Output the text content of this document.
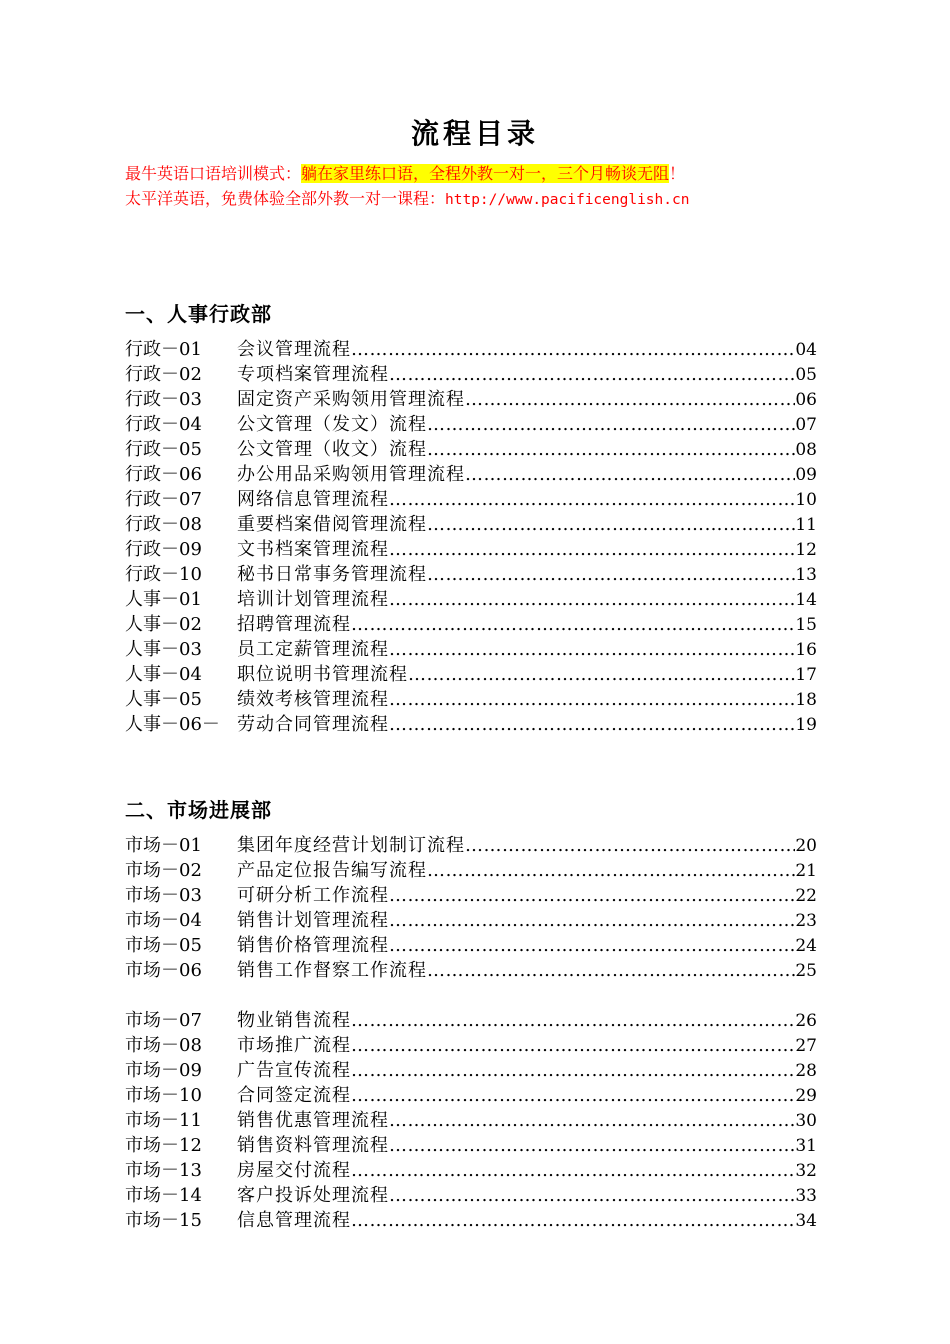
流程目录
最牛英语口语培训模式：躺在家里练口语，全程外教一对一，三个月畅谈无阻！
太平洋英语，免费体验全部外教一对一课程：http://www.pacificenglish.cn
一、人事行政部
行政－01	会议管理流程 ……………………………………………………………………………………………………………………………………	04
行政－02	专项档案管理流程 ……………………………………………………………………………………………………………………………………	05
行政－03	固定资产采购领用管理流程 ……………………………………………………………………………………………………………………………………	06
行政－04	公文管理（发文）流程 ……………………………………………………………………………………………………………………………………	07
行政－05	公文管理（收文）流程 ……………………………………………………………………………………………………………………………………	08
行政－06	办公用品采购领用管理流程 ……………………………………………………………………………………………………………………………………	09
行政－07	网络信息管理流程 ……………………………………………………………………………………………………………………………………	10
行政－08	重要档案借阅管理流程 ……………………………………………………………………………………………………………………………………	11
行政－09	文书档案管理流程 ……………………………………………………………………………………………………………………………………	12
行政－10	秘书日常事务管理流程 ……………………………………………………………………………………………………………………………………	13
人事－01	培训计划管理流程 ……………………………………………………………………………………………………………………………………	14
人事－02	招聘管理流程 ……………………………………………………………………………………………………………………………………	15
人事－03	员工定薪管理流程 ……………………………………………………………………………………………………………………………………	16
人事－04	职位说明书管理流程 ……………………………………………………………………………………………………………………………………	17
人事－05	绩效考核管理流程 ……………………………………………………………………………………………………………………………………	18
人事－06－ 劳动合同管理流程 ……………………………………………………………………………………………………………………………………	19
二、市场进展部
市场－01	集团年度经营计划制订流程 ……………………………………………………………………………………………………………………………………	20
市场－02	产品定位报告编写流程 ……………………………………………………………………………………………………………………………………	21
市场－03	可研分析工作流程 ……………………………………………………………………………………………………………………………………	22
市场－04	销售计划管理流程 ……………………………………………………………………………………………………………………………………	23
市场－05	销售价格管理流程 ……………………………………………………………………………………………………………………………………	24
市场－06	销售工作督察工作流程 ……………………………………………………………………………………………………………………………………	25
市场－07	物业销售流程 ……………………………………………………………………………………………………………………………………	26
市场－08	市场推广流程 ……………………………………………………………………………………………………………………………………	27
市场－09	广告宣传流程 ……………………………………………………………………………………………………………………………………	28
市场－10	合同签定流程 ……………………………………………………………………………………………………………………………………	29
市场－11	销售优惠管理流程 ……………………………………………………………………………………………………………………………………	30
市场－12	销售资料管理流程 ……………………………………………………………………………………………………………………………………	31
市场－13	房屋交付流程 ……………………………………………………………………………………………………………………………………	32
市场－14	客户投诉处理流程 ……………………………………………………………………………………………………………………………………	33
市场－15	信息管理流程 ……………………………………………………………………………………………………………………………………	34
